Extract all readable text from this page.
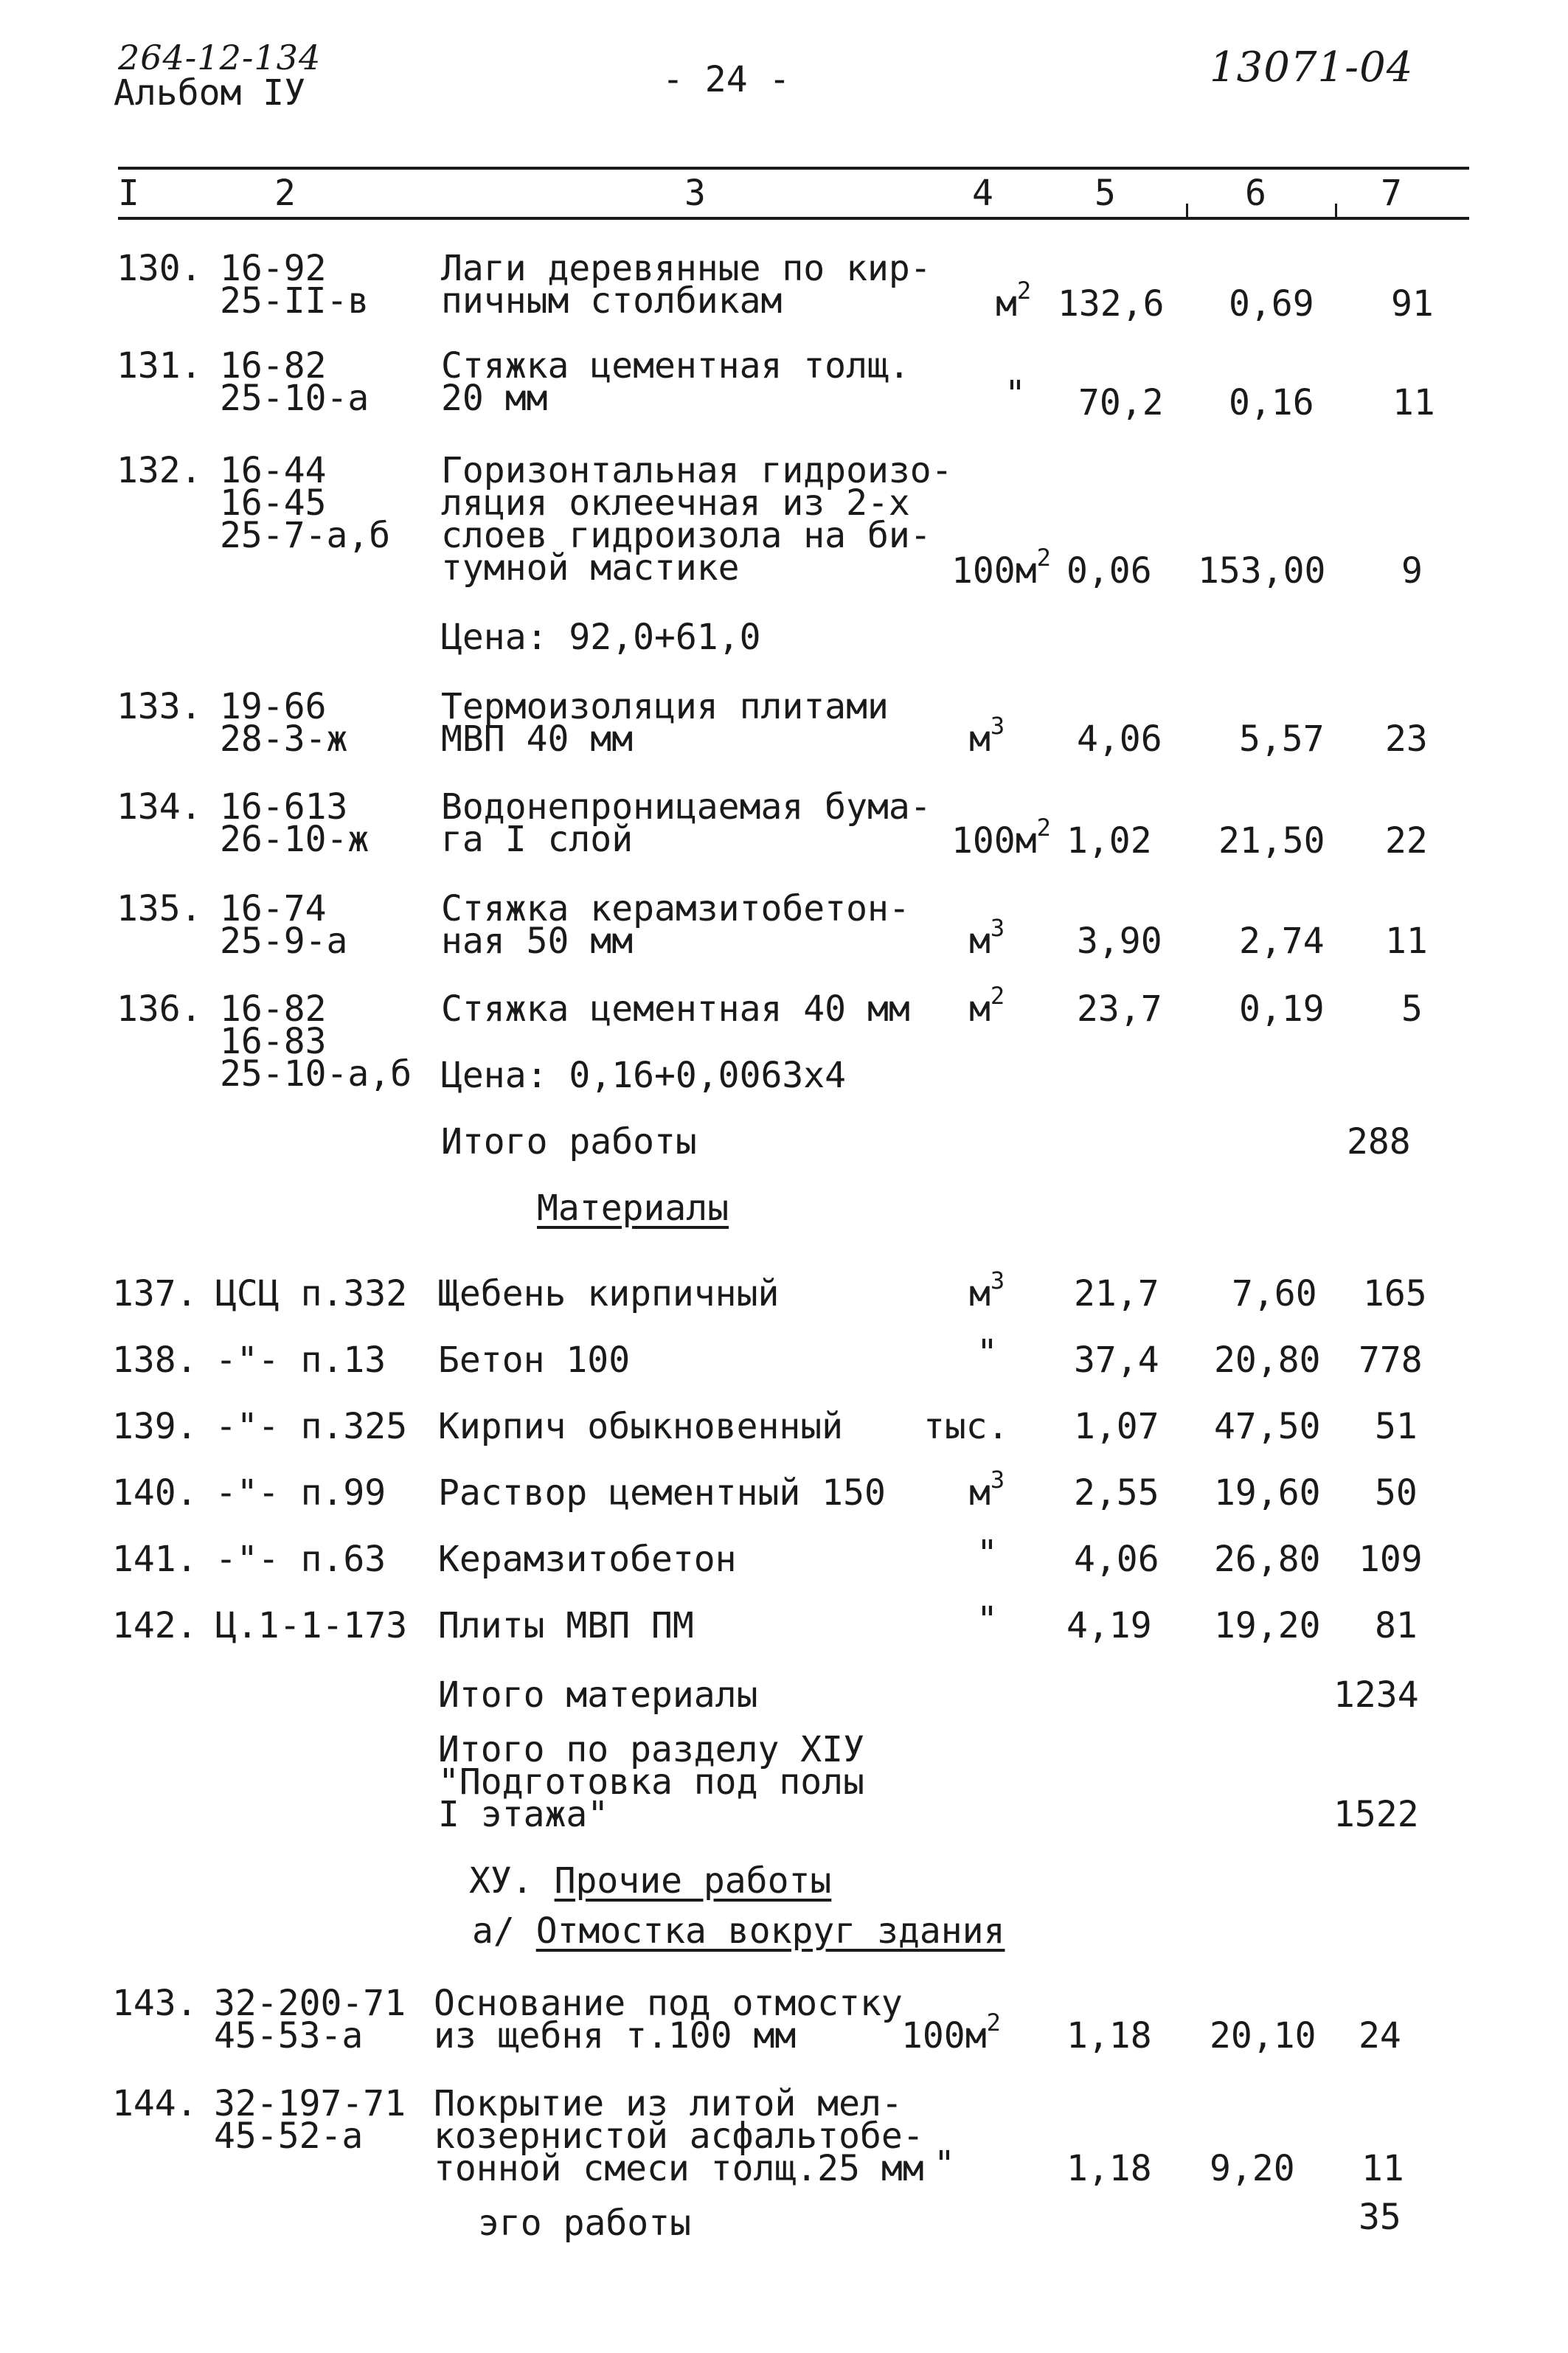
264-12-134
Альбом IУ	- 24 -	13071-04
I	2	3	4	5	6	7
130. 16-92
25-II-в
Лаги деревянные по кир-
пичным столбикам	$м^2$ 132,6 0,69 91
131. 16-82
25-10-а
Стяжка цементная толщ.
20 мм	" 70,2 0,16 11
132. 16-44
16-45
25-7-а,б
Горизонтальная гидроизо-
ляция оклеечная из 2-х
слоев гидроизола на би-
тумной мастике	$100м^2$ 0,06 153,00 9
Цена: 92,0+61,0
133. 19-66
28-3-ж
Термоизоляция плитами
МВП 40 мм	$м^3$ 4,06 5,57 23
134. 16-613
26-10-ж
Водонепроницаемая бума-
га I слой	$100м^2$ 1,02 21,50 22
135. 16-74
25-9-а
Стяжка керамзитобетон-
ная 50 мм	$м^3$ 3,90 2,74 11
136. 16-82
16-83
25-10-а,б
Стяжка цементная 40 мм $м^2$ 23,7 0,19 5
Цена: 0,16+0,0063х4
Итого работы	288
Материалы
137. ЦСЦ п.332 Щебень кирпичный	$м^3$ 21,7 7,60 165
138. -"- п.13 Бетон 100	" 37,4 20,80 778
139. -"- п.325 Кирпич обыкновенный тыс. 1,07 47,50 51
140. -"- п.99 Раствор цементный 150 $м^3$ 2,55 19,60 50
141. -"- п.63 Керамзитобетон	" 4,06 26,80 109
142. Ц.1-1-173 Плиты МВП ПМ	" 4,19 19,20 81
Итого материалы	1234
Итого по разделу ХIУ
"Подготовка под полы
I этажа"	1522
ХУ. Прочие работы
а/ Отмостка вокруг здания
143. 32-200-71
45-53-а
Основание под отмостку
из щебня т.100 мм	$100м^2$ 1,18 20,10 24
144. 32-197-71
45-52-а
Покрытие из литой мел-
козернистой асфальтобе-
тонной смеси толщ.25 мм "	1,18 9,20 11
эго работы	35
